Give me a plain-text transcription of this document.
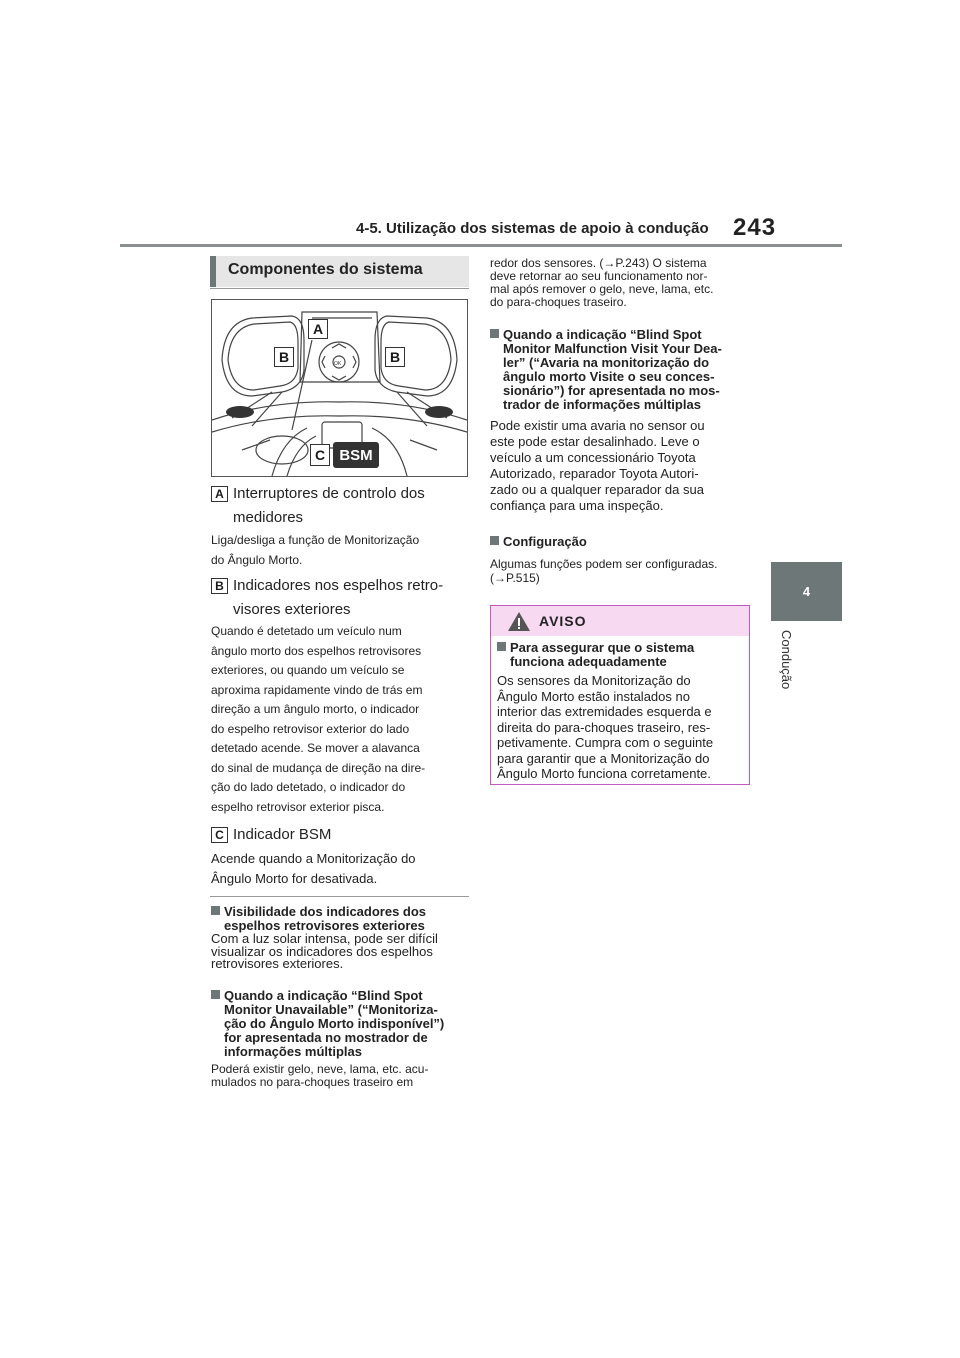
4-5. Utilização dos sistemas de apoio à condução 243
4
Condução
Componentes do sistema
OK
A
B	B
C BSM
A Interruptores de controlo dos
medidores
Liga/desliga a função de Monitorização
do Ângulo Morto.
B Indicadores nos espelhos retro-
visores exteriores
Quando é detetado um veículo num
ângulo morto dos espelhos retrovisores
exteriores, ou quando um veículo se
aproxima rapidamente vindo de trás em
direção a um ângulo morto, o indicador
do espelho retrovisor exterior do lado
detetado acende. Se mover a alavanca
do sinal de mudança de direção na dire-
ção do lado detetado, o indicador do
espelho retrovisor exterior pisca.
C Indicador BSM
Acende quando a Monitorização do
Ângulo Morto for desativada.
Visibilidade dos indicadores dos
espelhos retrovisores exteriores
Com a luz solar intensa, pode ser difícil
visualizar os indicadores dos espelhos
retrovisores exteriores.
Quando a indicação “Blind Spot
Monitor Unavailable” (“Monitoriza-
ção do Ângulo Morto indisponível”)
for apresentada no mostrador de
informações múltiplas
Poderá existir gelo, neve, lama, etc. acu-
mulados no para-choques traseiro em
redor dos sensores. (→P.243) O sistema
deve retornar ao seu funcionamento nor-
mal após remover o gelo, neve, lama, etc.
do para-choques traseiro.
Quando a indicação “Blind Spot
Monitor Malfunction Visit Your Dea-
ler” (“Avaria na monitorização do
ângulo morto Visite o seu conces-
sionário”) for apresentada no mos-
trador de informações múltiplas
Pode existir uma avaria no sensor ou
este pode estar desalinhado. Leve o
veículo a um concessionário Toyota
Autorizado, reparador Toyota Autori-
zado ou a qualquer reparador da sua
confiança para uma inspeção.
Configuração
Algumas funções podem ser configuradas.
(→P.515)
AVISO
Para assegurar que o sistema
funciona adequadamente
Os sensores da Monitorização do
Ângulo Morto estão instalados no
interior das extremidades esquerda e
direita do para-choques traseiro, res-
petivamente. Cumpra com o seguinte
para garantir que a Monitorização do
Ângulo Morto funciona corretamente.
